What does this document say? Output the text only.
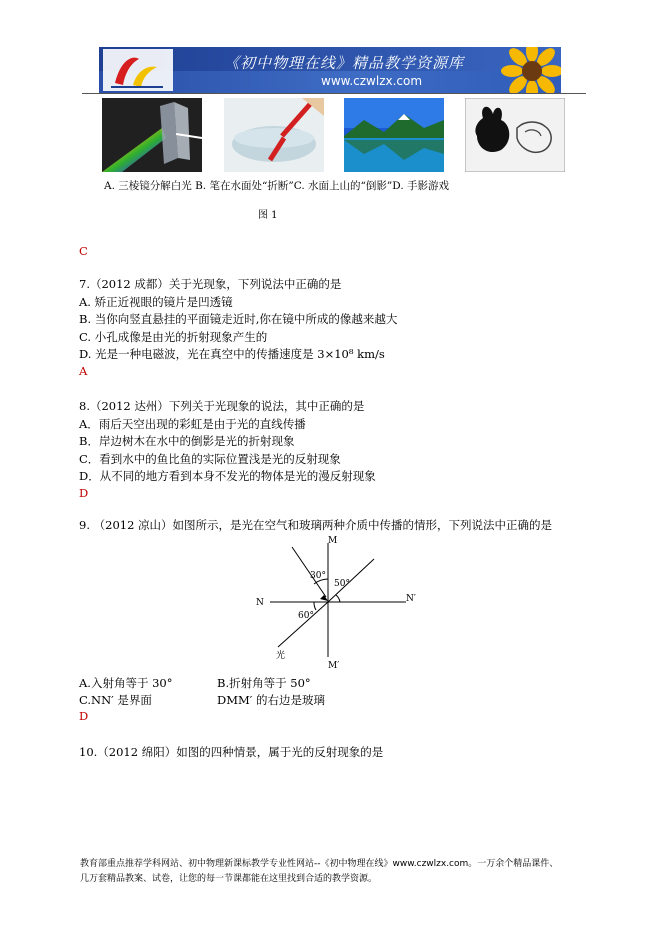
《初中物理在线》精品教学资源库
www.czwlzx.com
A. 三棱镜分解白光 B. 笔在水面处“折断”C. 水面上山的“倒影”D. 手影游戏
图 1
C
7.（2012 成都）关于光现象，下列说法中正确的是
A. 矫正近视眼的镜片是凹透镜
B. 当你向竖直悬挂的平面镜走近时,你在镜中所成的像越来越大
C. 小孔成像是由光的折射现象产生的
D. 光是一种电磁波，光在真空中的传播速度是 3×10⁸ km/s
A
8.（2012 达州）下列关于光现象的说法，其中正确的是
A．雨后天空出现的彩虹是由于光的直线传播
B．岸边树木在水中的倒影是光的折射现象
C．看到水中的鱼比鱼的实际位置浅是光的反射现象
D．从不同的地方看到本身不发光的物体是光的漫反射现象
D
9. （2012 凉山）如图所示，是光在空气和玻璃两种介质中传播的情形，下列说法中正确的是
M
M′
N	N′
30°
50°
60°
光
A.入射角等于 30°	B.折射角等于 50°
C.NN′ 是界面	DMM′ 的右边是玻璃
D
10.（2012 绵阳）如图的四种情景，属于光的反射现象的是
教育部重点推荐学科网站、初中物理新课标教学专业性网站--《初中物理在线》www.czwlzx.com。一万余个精品课件、
几万套精品教案、试卷，让您的每一节课都能在这里找到合适的教学资源。
